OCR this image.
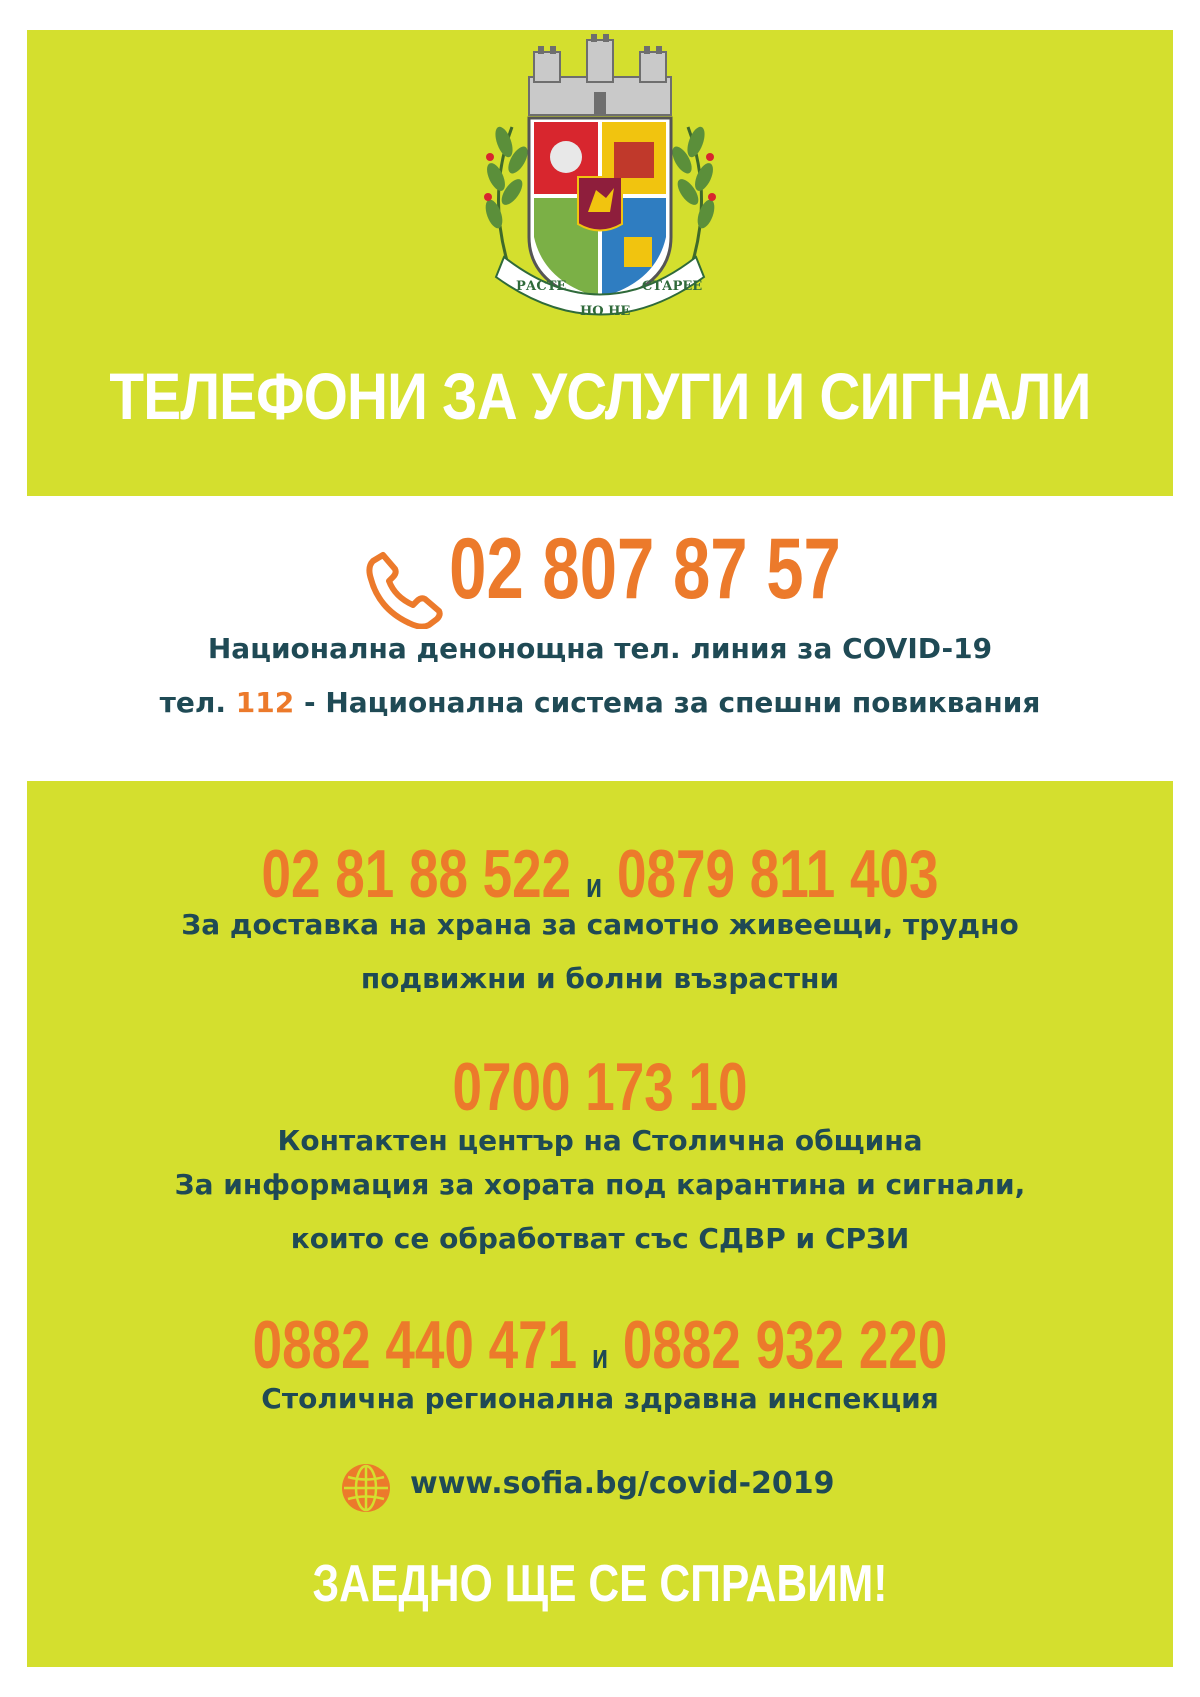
РАСТЕ
НО НЕ
СТАРЕЕ
ТЕЛЕФОНИ ЗА УСЛУГИ И СИГНАЛИ
02 807 87 57
Национална денонощна тел. линия за COVID-19
тел. 112 - Национална система за спешни повиквания
02 81 88 522 и 0879 811 403
За доставка на храна за самотно живеещи, трудно
подвижни и болни възрастни
0700 173 10
Контактен център на Столична община
За информация за хората под карантина и сигнали,
които се обработват със СДВР и СРЗИ
0882 440 471 и 0882 932 220
Столична регионална здравна инспекция
www.sofia.bg/covid-2019
ЗАЕДНО ЩЕ СЕ СПРАВИМ!
